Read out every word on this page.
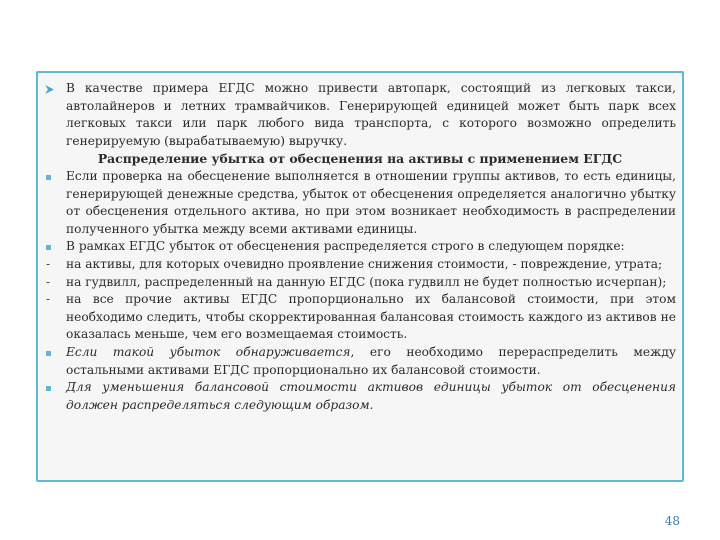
В качестве примера ЕГДС можно привести автопарк, состоящий из легковых такси, автолайнеров и летних трамвайчиков. Генерирующей единицей может быть парк всех легковых такси или парк любого вида транспорта, с которого возможно определить генерируемую (вырабатываемую) выручку.
Распределение убытка от обесценения на активы с применением ЕГДС
Если проверка на обесценение выполняется в отношении группы активов, то есть единицы, генерирующей денежные средства, убыток от обесценения определяется аналогично убытку от обесценения отдельного актива, но при этом возникает необходимость в распределении полученного убытка между всеми активами единицы.
В рамках ЕГДС убыток от обесценения распределяется строго в следующем порядке:
-	на активы, для которых очевидно проявление снижения стоимости, - повреждение, утрата;
-	на гудвилл, распределенный на данную ЕГДС (пока гудвилл не будет полностью исчерпан);
-	на все прочие активы ЕГДС пропорционально их балансовой стоимости, при этом необходимо следить, чтобы скорректированная балансовая стоимость каждого из активов не оказалась меньше, чем его возмещаемая стоимость.
Если такой убыток обнаруживается, его необходимо перераспределить между остальными активами ЕГДС пропорционально их балансовой стоимости.
Для уменьшения балансовой стоимости активов единицы убыток от обесценения должен распределяться следующим образом.
48
